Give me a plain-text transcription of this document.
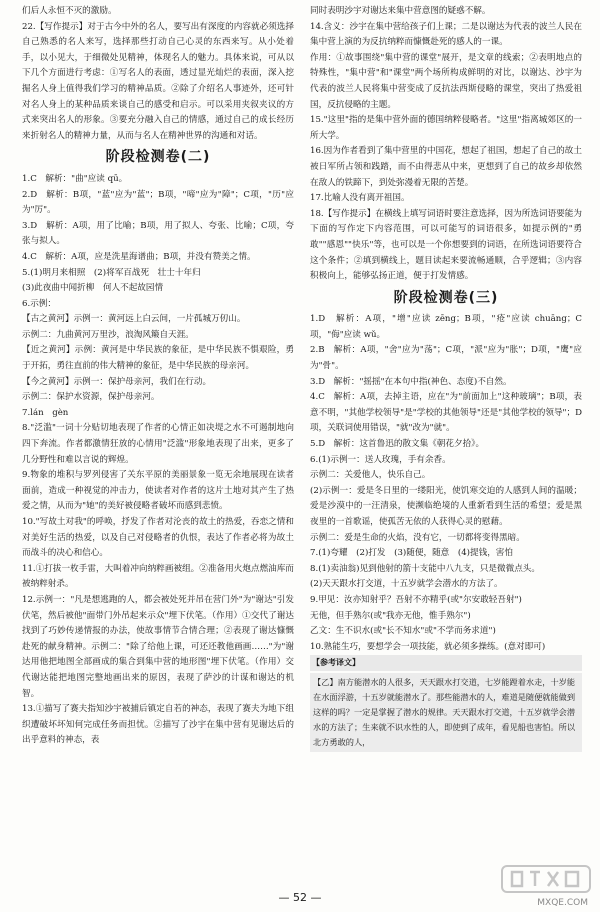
们后人永恒不灭的激励。

22.【写作提示】对于古今中外的名人，要写出有深度的内容就必须选择自己熟悉的名人来写，选择那些打动自己心灵的东西来写。从小处着手，以小见大，于细微处见精神，体现名人的魅力。具体来说，可从以下几个方面进行考虑：①写名人的表面，透过显光灿烂的表面，深入挖掘名人身上值得我们学习的精神品质。②除了介绍名人事迹外，还可针对名人身上的某种品质来谈自己的感受和启示。可以采用夹叙夹议的方式来突出名人的形象。③要充分融入自己的情感，通过自己的成长经历来折射名人的精神力量，从而与名人在精神世界的沟通和对话。

阶段检测卷(二)

1.C　解析："曲"应读 qū。

2.D　解析：B项，"蓝"应为"蓝"；B项，"啼"应为"障"；C项，"历"应为"厉"。

3.D　解析：A项，用了比喻；B项，用了拟人、夸张、比喻；C项，夸张与拟人。

4.C　解析：A项，应是洗星海谱曲；B项，并没有赞美之情。

5.(1)明月来相照　(2)将军百战死　壮士十年归

(3)此夜曲中闻折柳　何人不起故园情

6.示例：

【古之黄河】示例一：黄河远上白云间，一片孤城万仞山。

示例二：九曲黄河万里沙，浪淘风簸自天涯。

【近之黄河】示例：黄河是中华民族的象征，是中华民族不惧艰险，勇于开拓，勇往直前的伟大精神的象征，是中华民族的母亲河。

【今之黄河】示例一：保护母亲河，我们在行动。

示例二：保护水资源，保护母亲河。

7.lán　gèn

8."泛滥"一词十分贴切地表现了作者的心情正如决堤之水不可遏制地向四下奔流。作者都激情狂放的心情用"泛滥"形象地表现了出来，更多了几分野性和难以言说的辉煌。

9.物象的堆积与罗列侵害了关东平原的美丽景象一览无余地展现在读者面前，造成一种视觉的冲击力，使读者对作者的这片土地对其产生了热爱之情，从而为"她"的美好被侵略者破坏而感到悲愤。

10."写故土对我"的呼唤，抒发了作者对沦丧的故土的热爱，吞恋之情和对美好生活的热爱，以及自己对侵略者的仇恨，表达了作者必将为故土而战斗的决心和信心。

11.①打拔一枚手雷，大叫着冲向纳粹画被组。②准备用火炮点燃油库而被纳粹射杀。

12.示例一："凡是想逃跑的人，都会被处死并吊在营门外"为"谢达"引发伏笔，然后被他"面带门外吊起来示众"埋下伏笔。（作用）①交代了谢达找到了巧妙传递情报的办法，使故事情节合情合理；②表现了谢达慷慨赴死的献身精神。示例二："除了给他上课，可还还教他画画……"为"谢达用他把地图全部画成的集合到集中营的地形图"埋下伏笔。（作用）交代谢达能把地图完整地画出来的原因，表现了萨沙的计谋和谢达的机智。

13.①描写了赛夫指知沙宇被捕后镇定自若的神态，表现了赛夫为地下组织遭破坏坏知何完成任务而担忧。②描写了沙宇在集中营有见谢达后的出乎意料的神态，表

同时表明沙宇对谢达来集中营意图的疑惑不解。

14.含义：沙宇在集中营给孩子们上课；二是以谢达为代表的波兰人民在集中营上演的为反抗纳粹而慷慨赴死的感人的一课。

作用：①故事围绕"集中营的课堂"展开，是文章的线索；②表明地点的特殊性，"集中营"和"课堂"两个场所构成鲜明的对比，以谢达、沙宇为代表的波兰人民将集中营变成了反抗法西斯侵略的课堂，突出了热爱祖国，反抗侵略的主题。

15."这里"指的是集中营外面的德国纳粹侵略者。"这里"指离城郊区的一所大学。

16.因为作者看到了集中营里的中国花，想起了祖国，想起了自己的故土被日军所占领和践踏，而不由得悲从中来，更想到了自己的故乡却依然在敌人的铁蹄下，到处弥漫着无限的苦楚。

17.比喻人没有离开祖国。

18.【写作提示】在横线上填写词语时要注意选择，因为所选词语要能为下面的写作定下内容范围，可以可能写的词语很多，如提示例的"勇敢""感恩""快乐"等，也可以是一个你想要到的词语，在所选词语要符合这个条件；②填到横线上，题目读起来要流畅通顺，合乎逻辑；③内容积极向上，能够弘扬正道，便于打发情感。

阶段检测卷(三)

1.D　解析：A项，"增"应读 zēng；B项，"疮"应读 chuāng；C项，"侮"应读 wǔ。

2.B　解析：A项，"舍"应为"荡"；C项，"派"应为"胀"；D项，"鹰"应为"骨"。

3.D　解析："摇摇"在本句中指(神色、态度)不自然。

4.C　解析：A项，去掉主语，应在"为"前面加上"这种玻璃"；B项，表意不明，"其他学校领导"是"学校的其他领导"还是"其他学校的领导"；D项，关联词使用错误，"就"改为"就"。

5.D　解析：这首鲁迅的散文集《朝花夕拾》。

6.(1)示例一：送人玫瑰，手有余香。

示例二：关爱他人，快乐自己。

(2)示例一：爱是冬日里的一缕阳光，使饥寒交迫的人感到人间的温暖；爱是沙漠中的一汪清泉，使濒临绝境的人重新看到生活的希望；爱是黑夜里的一首歌谣，使孤苦无依的人获得心灵的慰藉。

示例二：爱是生命的火焰，没有它，一切都将变得黑暗。

7.(1)夸耀　(2)打发　(3)随便，随意　(4)提钱，害怕

8.(1)卖油翁)见到他射的箭十支能中八九支，只是微微点头。

(2)天天跟水打交道，十五岁就学会潜水的方法了。

9.甲见：汝亦知射乎？吾射不亦精乎(或"尔安敢轻吾射")

无他，但手熟尔(或"我亦无他，惟手熟尔")

乙文：生不识水(或"长不知水"或"不学而务求道")

10.熟能生巧，要想学会一项技能，就必须多操练。(意对即可)

【参考译文】
【乙】南方能潜水的人很多，天天跟水打交道，七岁能蹚着水走，十岁能在水面浮游，十五岁就能潜水了。那些能潜水的人，难道是随便就能做到这样的吗？一定是掌握了潜水的规律。天天跟水打交道，十五岁就学会潜水的方法了；生来就不识水性的人，即使到了成年，看见船也害怕。所以北方勇敢的人，
— 52 —	MXQE.COM
